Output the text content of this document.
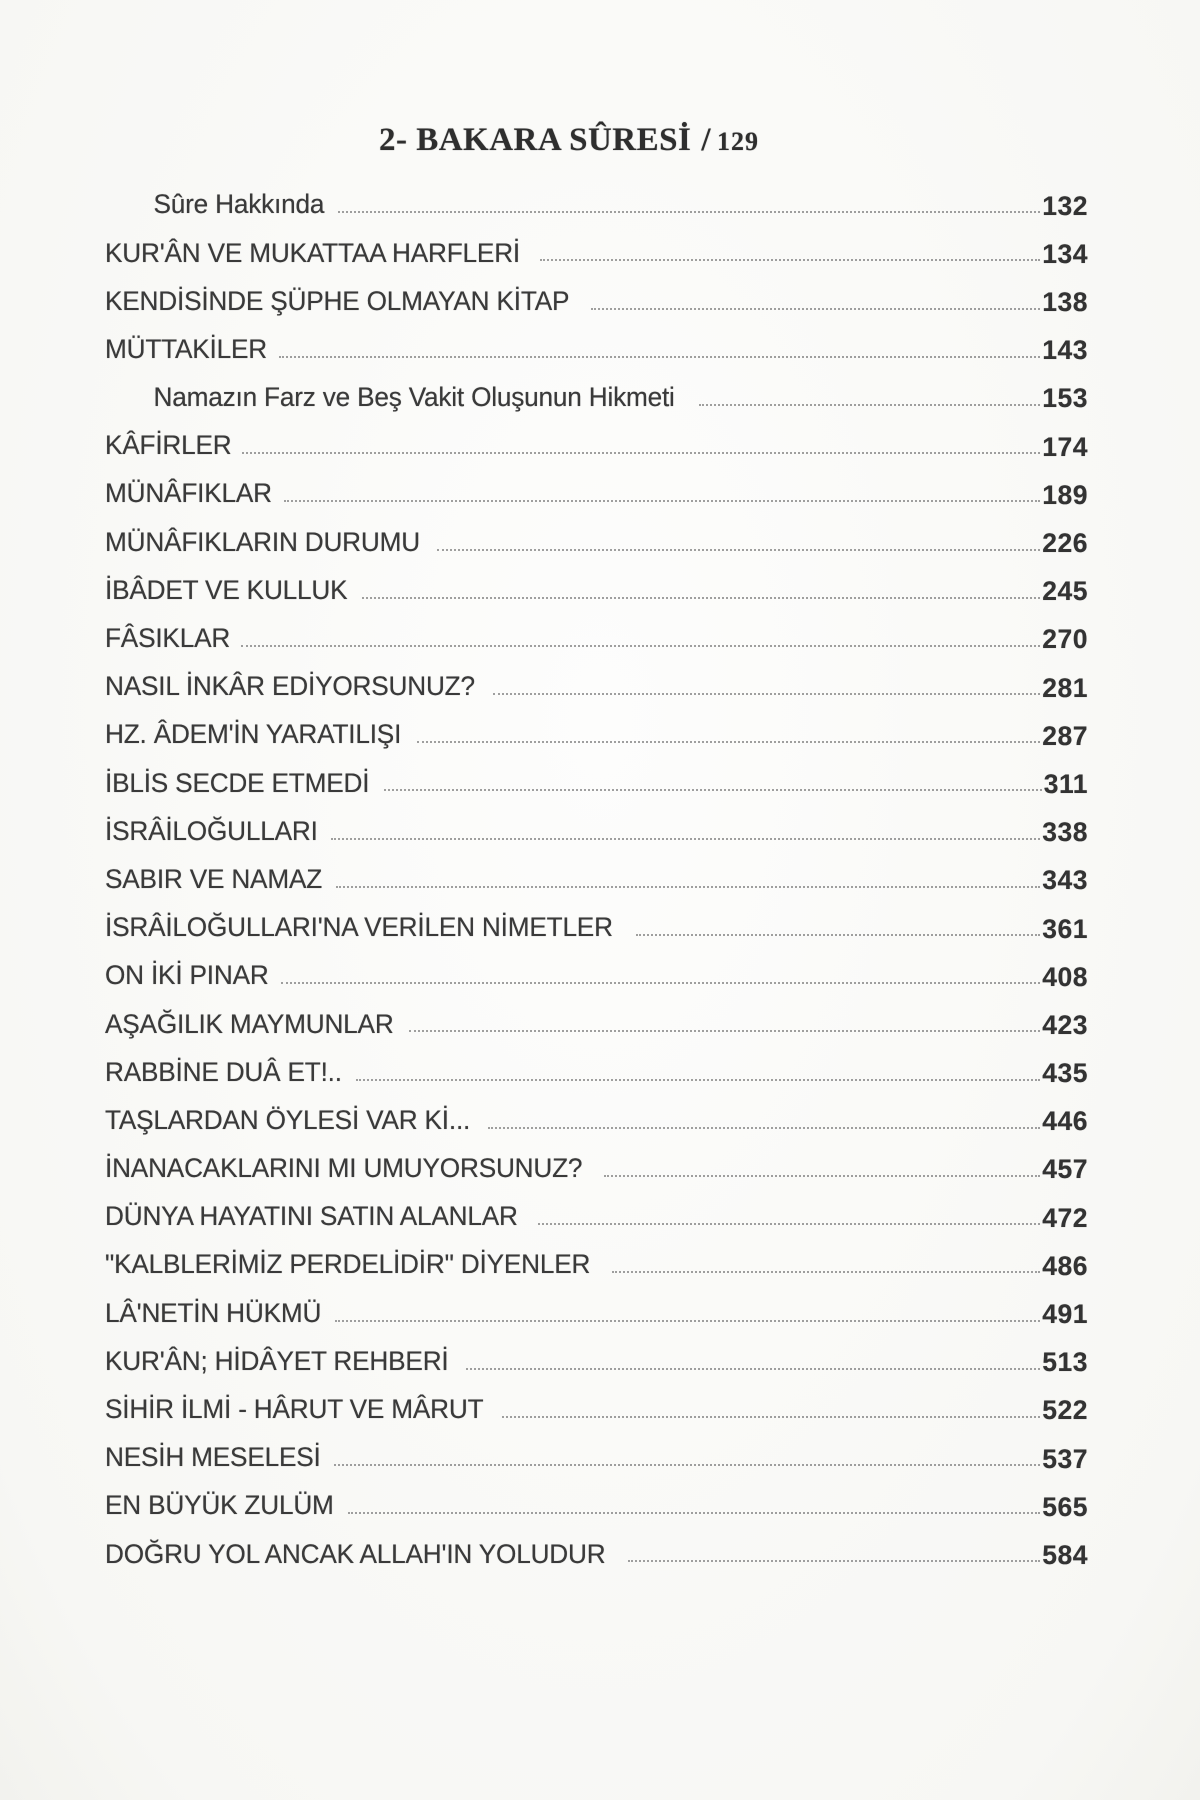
2- BAKARA SÛRESİ / 129
Sûre Hakkında	132
KUR'ÂN VE MUKATTAA HARFLERİ	134
KENDİSİNDE ŞÜPHE OLMAYAN KİTAP	138
MÜTTAKİLER	143
Namazın Farz ve Beş Vakit Oluşunun Hikmeti	153
KÂFİRLER	174
MÜNÂFIKLAR	189
MÜNÂFIKLARIN DURUMU	226
İBÂDET VE KULLUK	245
FÂSIKLAR	270
NASIL İNKÂR EDİYORSUNUZ?	281
HZ. ÂDEM'İN YARATILIŞI	287
İBLİS SECDE ETMEDİ	311
İSRÂİLOĞULLARI	338
SABIR VE NAMAZ	343
İSRÂİLOĞULLARI'NA VERİLEN NİMETLER	361
ON İKİ PINAR	408
AŞAĞILIK MAYMUNLAR	423
RABBİNE DUÂ ET!..	435
TAŞLARDAN ÖYLESİ VAR Kİ...	446
İNANACAKLARINI MI UMUYORSUNUZ?	457
DÜNYA HAYATINI SATIN ALANLAR	472
"KALBLERİMİZ PERDELİDİR" DİYENLER	486
LÂ'NETİN HÜKMÜ	491
KUR'ÂN; HİDÂYET REHBERİ	513
SİHİR İLMİ - HÂRUT VE MÂRUT	522
NESİH MESELESİ	537
EN BÜYÜK ZULÜM	565
DOĞRU YOL ANCAK ALLAH'IN YOLUDUR	584
